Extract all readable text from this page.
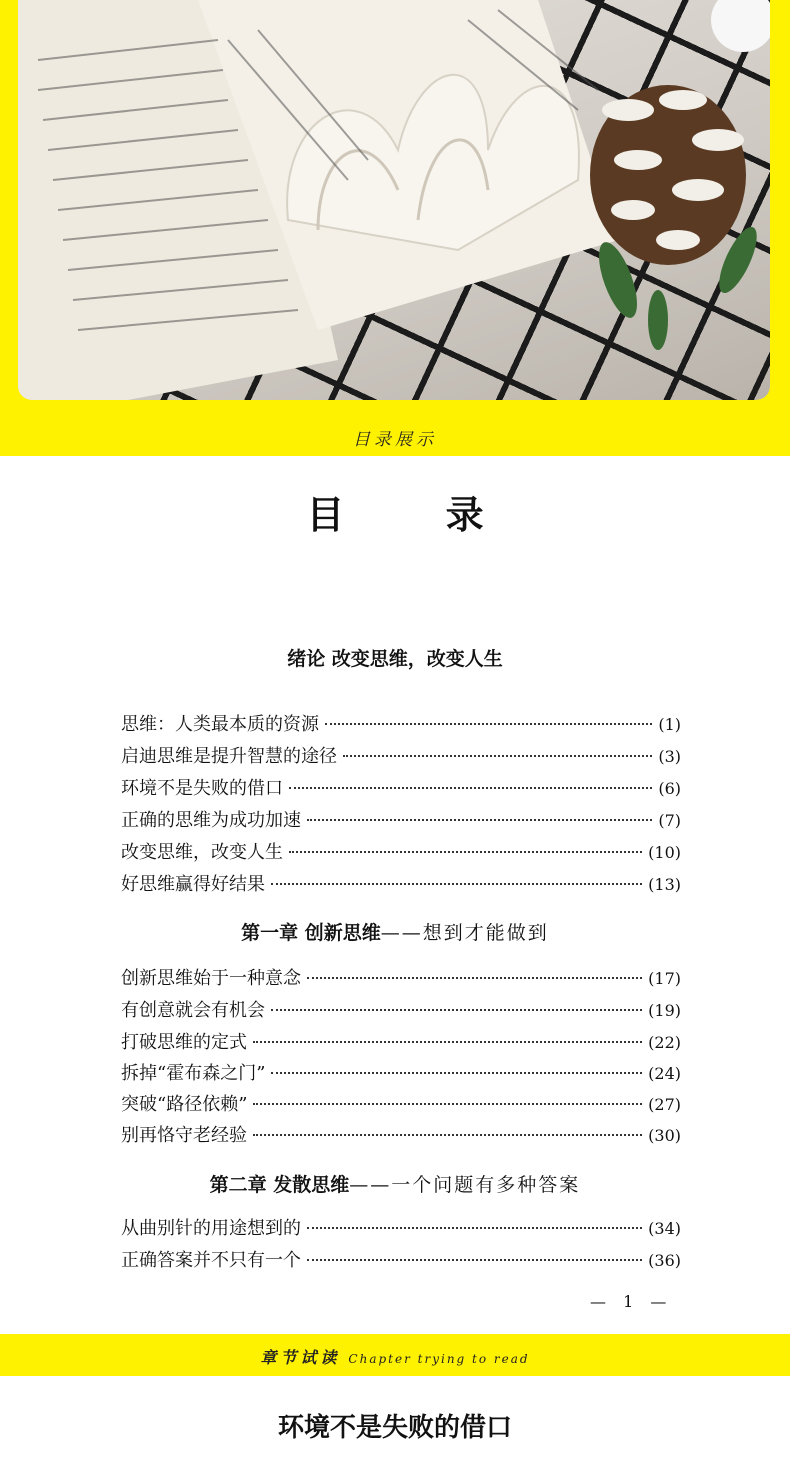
目录展示
目 录
绪论 改变思维，改变人生
思维：人类最本质的资源	(1)
启迪思维是提升智慧的途径	(3)
环境不是失败的借口	(6)
正确的思维为成功加速	(7)
改变思维，改变人生	(10)
好思维赢得好结果	(13)
第一章 创新思维——想到才能做到
创新思维始于一种意念	(17)
有创意就会有机会	(19)
打破思维的定式	(22)
拆掉“霍布森之门”	(24)
突破“路径依赖”	(27)
别再恪守老经验	(30)
第二章 发散思维——一个问题有多种答案
从曲别针的用途想到的	(34)
正确答案并不只有一个	(36)
— 1 —
章节试读 Chapter trying to read
环境不是失败的借口
